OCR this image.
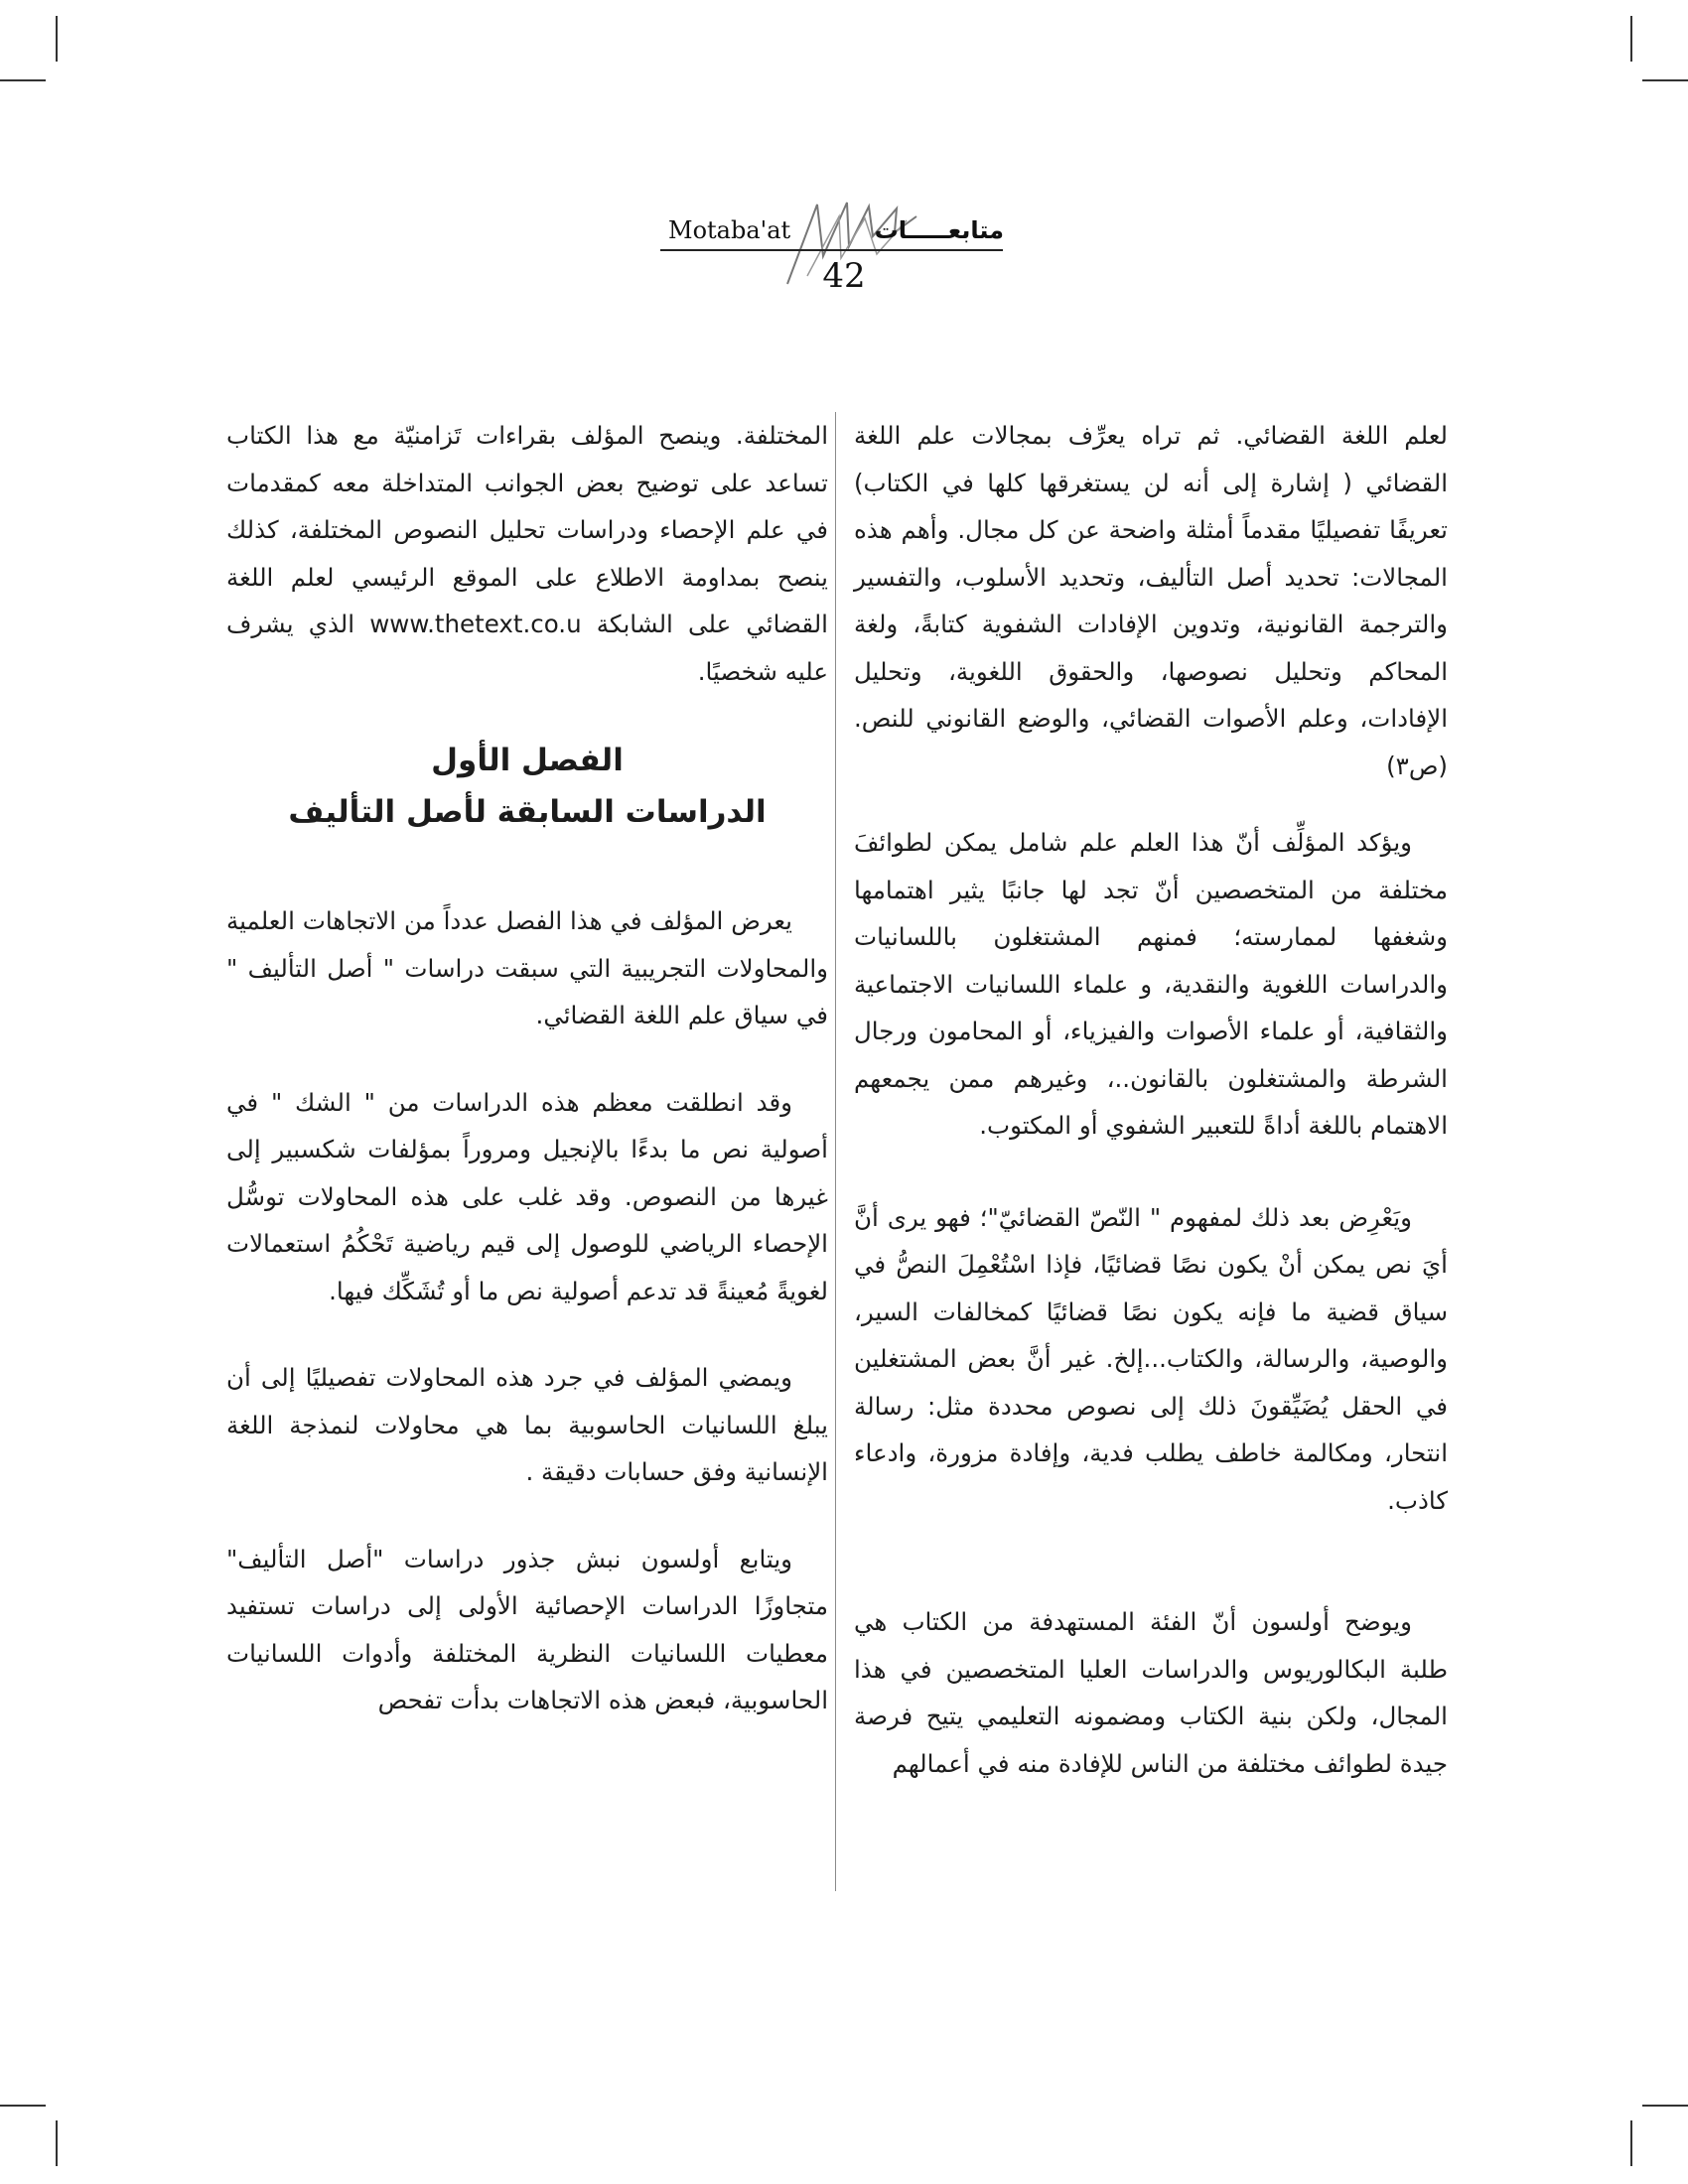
Motaba'at	متابعـــــات
42

لعلم اللغة القضائي. ثم تراه يعرِّف بمجالات علم اللغة القضائي ( إشارة إلى أنه لن يستغرقها كلها في الكتاب) تعريفًا تفصيليًا مقدماً أمثلة واضحة عن كل مجال. وأهم هذه المجالات: تحديد أصل التأليف، وتحديد الأسلوب، والتفسير والترجمة القانونية، وتدوين الإفادات الشفوية كتابةً، ولغة المحاكم وتحليل نصوصها، والحقوق اللغوية، وتحليل الإفادات، وعلم الأصوات القضائي، والوضع القانوني للنص. (ص٣)

ويؤكد المؤلِّف أنّ هذا العلم علم شامل يمكن لطوائفَ مختلفة من المتخصصين أنّ تجد لها جانبًا يثير اهتمامها وشغفها لممارسته؛ فمنهم المشتغلون باللسانيات والدراسات اللغوية والنقدية، و علماء اللسانيات الاجتماعية والثقافية، أو علماء الأصوات والفيزياء، أو المحامون ورجال الشرطة والمشتغلون بالقانون..، وغيرهم ممن يجمعهم الاهتمام باللغة أداةً للتعبير الشفوي أو المكتوب.

ويَعْرِض بعد ذلك لمفهوم " النّصّ القضائيّ"؛ فهو يرى أنَّ أيَ نص يمكن أنْ يكون نصًا قضائيًا، فإذا اسْتُعْمِلَ النصُّ في سياق قضية ما فإنه يكون نصًا قضائيًا كمخالفات السير، والوصية، والرسالة، والكتاب...إلخ. غير أنَّ بعض المشتغلين في الحقل يُضَيِّقونَ ذلك إلى نصوص محددة مثل: رسالة انتحار، ومكالمة خاطف يطلب فدية، وإفادة مزورة، وادعاء كاذب.

ويوضح أولسون أنّ الفئة المستهدفة من الكتاب هي طلبة البكالوريوس والدراسات العليا المتخصصين في هذا المجال، ولكن بنية الكتاب ومضمونه التعليمي يتيح فرصة جيدة لطوائف مختلفة من الناس للإفادة منه في أعمالهم

المختلفة. وينصح المؤلف بقراءات تَزامنيّة مع هذا الكتاب تساعد على توضيح بعض الجوانب المتداخلة معه كمقدمات في علم الإحصاء ودراسات تحليل النصوص المختلفة، كذلك ينصح بمداومة الاطلاع على الموقع الرئيسي لعلم اللغة القضائي على الشابكة www.thetext.co.u الذي يشرف عليه شخصيًا.

الفصل الأول
الدراسات السابقة لأصل التأليف

يعرض المؤلف في هذا الفصل عدداً من الاتجاهات العلمية والمحاولات التجريبية التي سبقت دراسات " أصل التأليف " في سياق علم اللغة القضائي.

وقد انطلقت معظم هذه الدراسات من " الشك " في أصولية نص ما بدءًا بالإنجيل ومروراً بمؤلفات شكسبير إلى غيرها من النصوص. وقد غلب على هذه المحاولات توسُّل الإحصاء الرياضي للوصول إلى قيم رياضية تَحْكُمُ استعمالات لغويةً مُعينةً قد تدعم أصولية نص ما أو تُشَكِّك فيها.

ويمضي المؤلف في جرد هذه المحاولات تفصيليًا إلى أن يبلغ اللسانيات الحاسوبية بما هي محاولات لنمذجة اللغة الإنسانية وفق حسابات دقيقة .

ويتابع أولسون نبش جذور دراسات "أصل التأليف" متجاوزًا الدراسات الإحصائية الأولى إلى دراسات تستفيد معطيات اللسانيات النظرية المختلفة وأدوات اللسانيات الحاسوبية، فبعض هذه الاتجاهات بدأت تفحص
